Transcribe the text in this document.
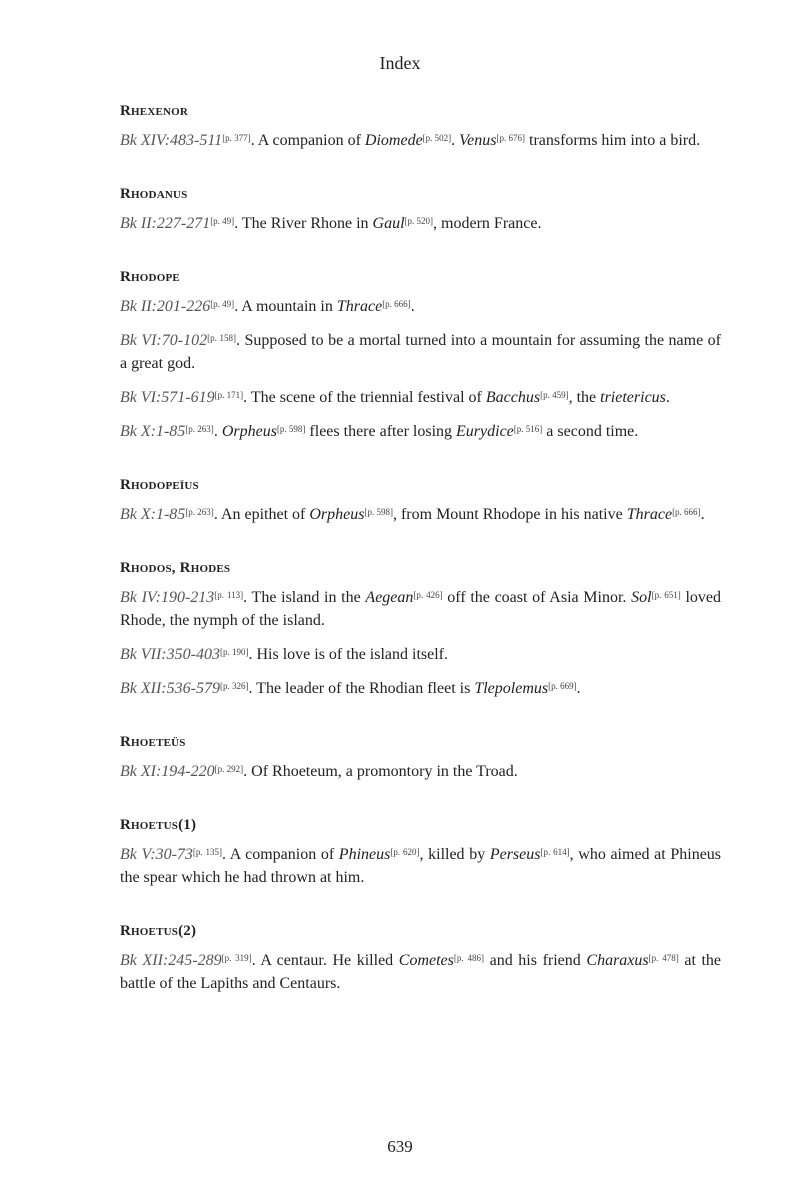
Index
Rhexenor

Bk XIV:483-511[p. 377]. A companion of Diomede[p. 502]. Venus[p. 676] transforms him into a bird.

Rhodanus

Bk II:227-271[p. 49]. The River Rhone in Gaul[p. 520], modern France.

Rhodope

Bk II:201-226[p. 49]. A mountain in Thrace[p. 666].

Bk VI:70-102[p. 158]. Supposed to be a mortal turned into a mountain for assuming the name of a great god.

Bk VI:571-619[p. 171]. The scene of the triennial festival of Bacchus[p. 459], the trietericus.

Bk X:1-85[p. 263]. Orpheus[p. 598] flees there after losing Eurydice[p. 516] a second time.

Rhodopeïus

Bk X:1-85[p. 263]. An epithet of Orpheus[p. 598], from Mount Rhodope in his native Thrace[p. 666].

Rhodos, Rhodes

Bk IV:190-213[p. 113]. The island in the Aegean[p. 426] off the coast of Asia Minor. Sol[p. 651] loved Rhode, the nymph of the island.

Bk VII:350-403[p. 190]. His love is of the island itself.

Bk XII:536-579[p. 326]. The leader of the Rhodian fleet is Tlepolemus[p. 669].

Rhoeteüs

Bk XI:194-220[p. 292]. Of Rhoeteum, a promontory in the Troad.

Rhoetus(1)

Bk V:30-73[p. 135]. A companion of Phineus[p. 620], killed by Perseus[p. 614], who aimed at Phineus the spear which he had thrown at him.

Rhoetus(2)

Bk XII:245-289[p. 319]. A centaur. He killed Cometes[p. 486] and his friend Charaxus[p. 478] at the battle of the Lapiths and Centaurs.

639
